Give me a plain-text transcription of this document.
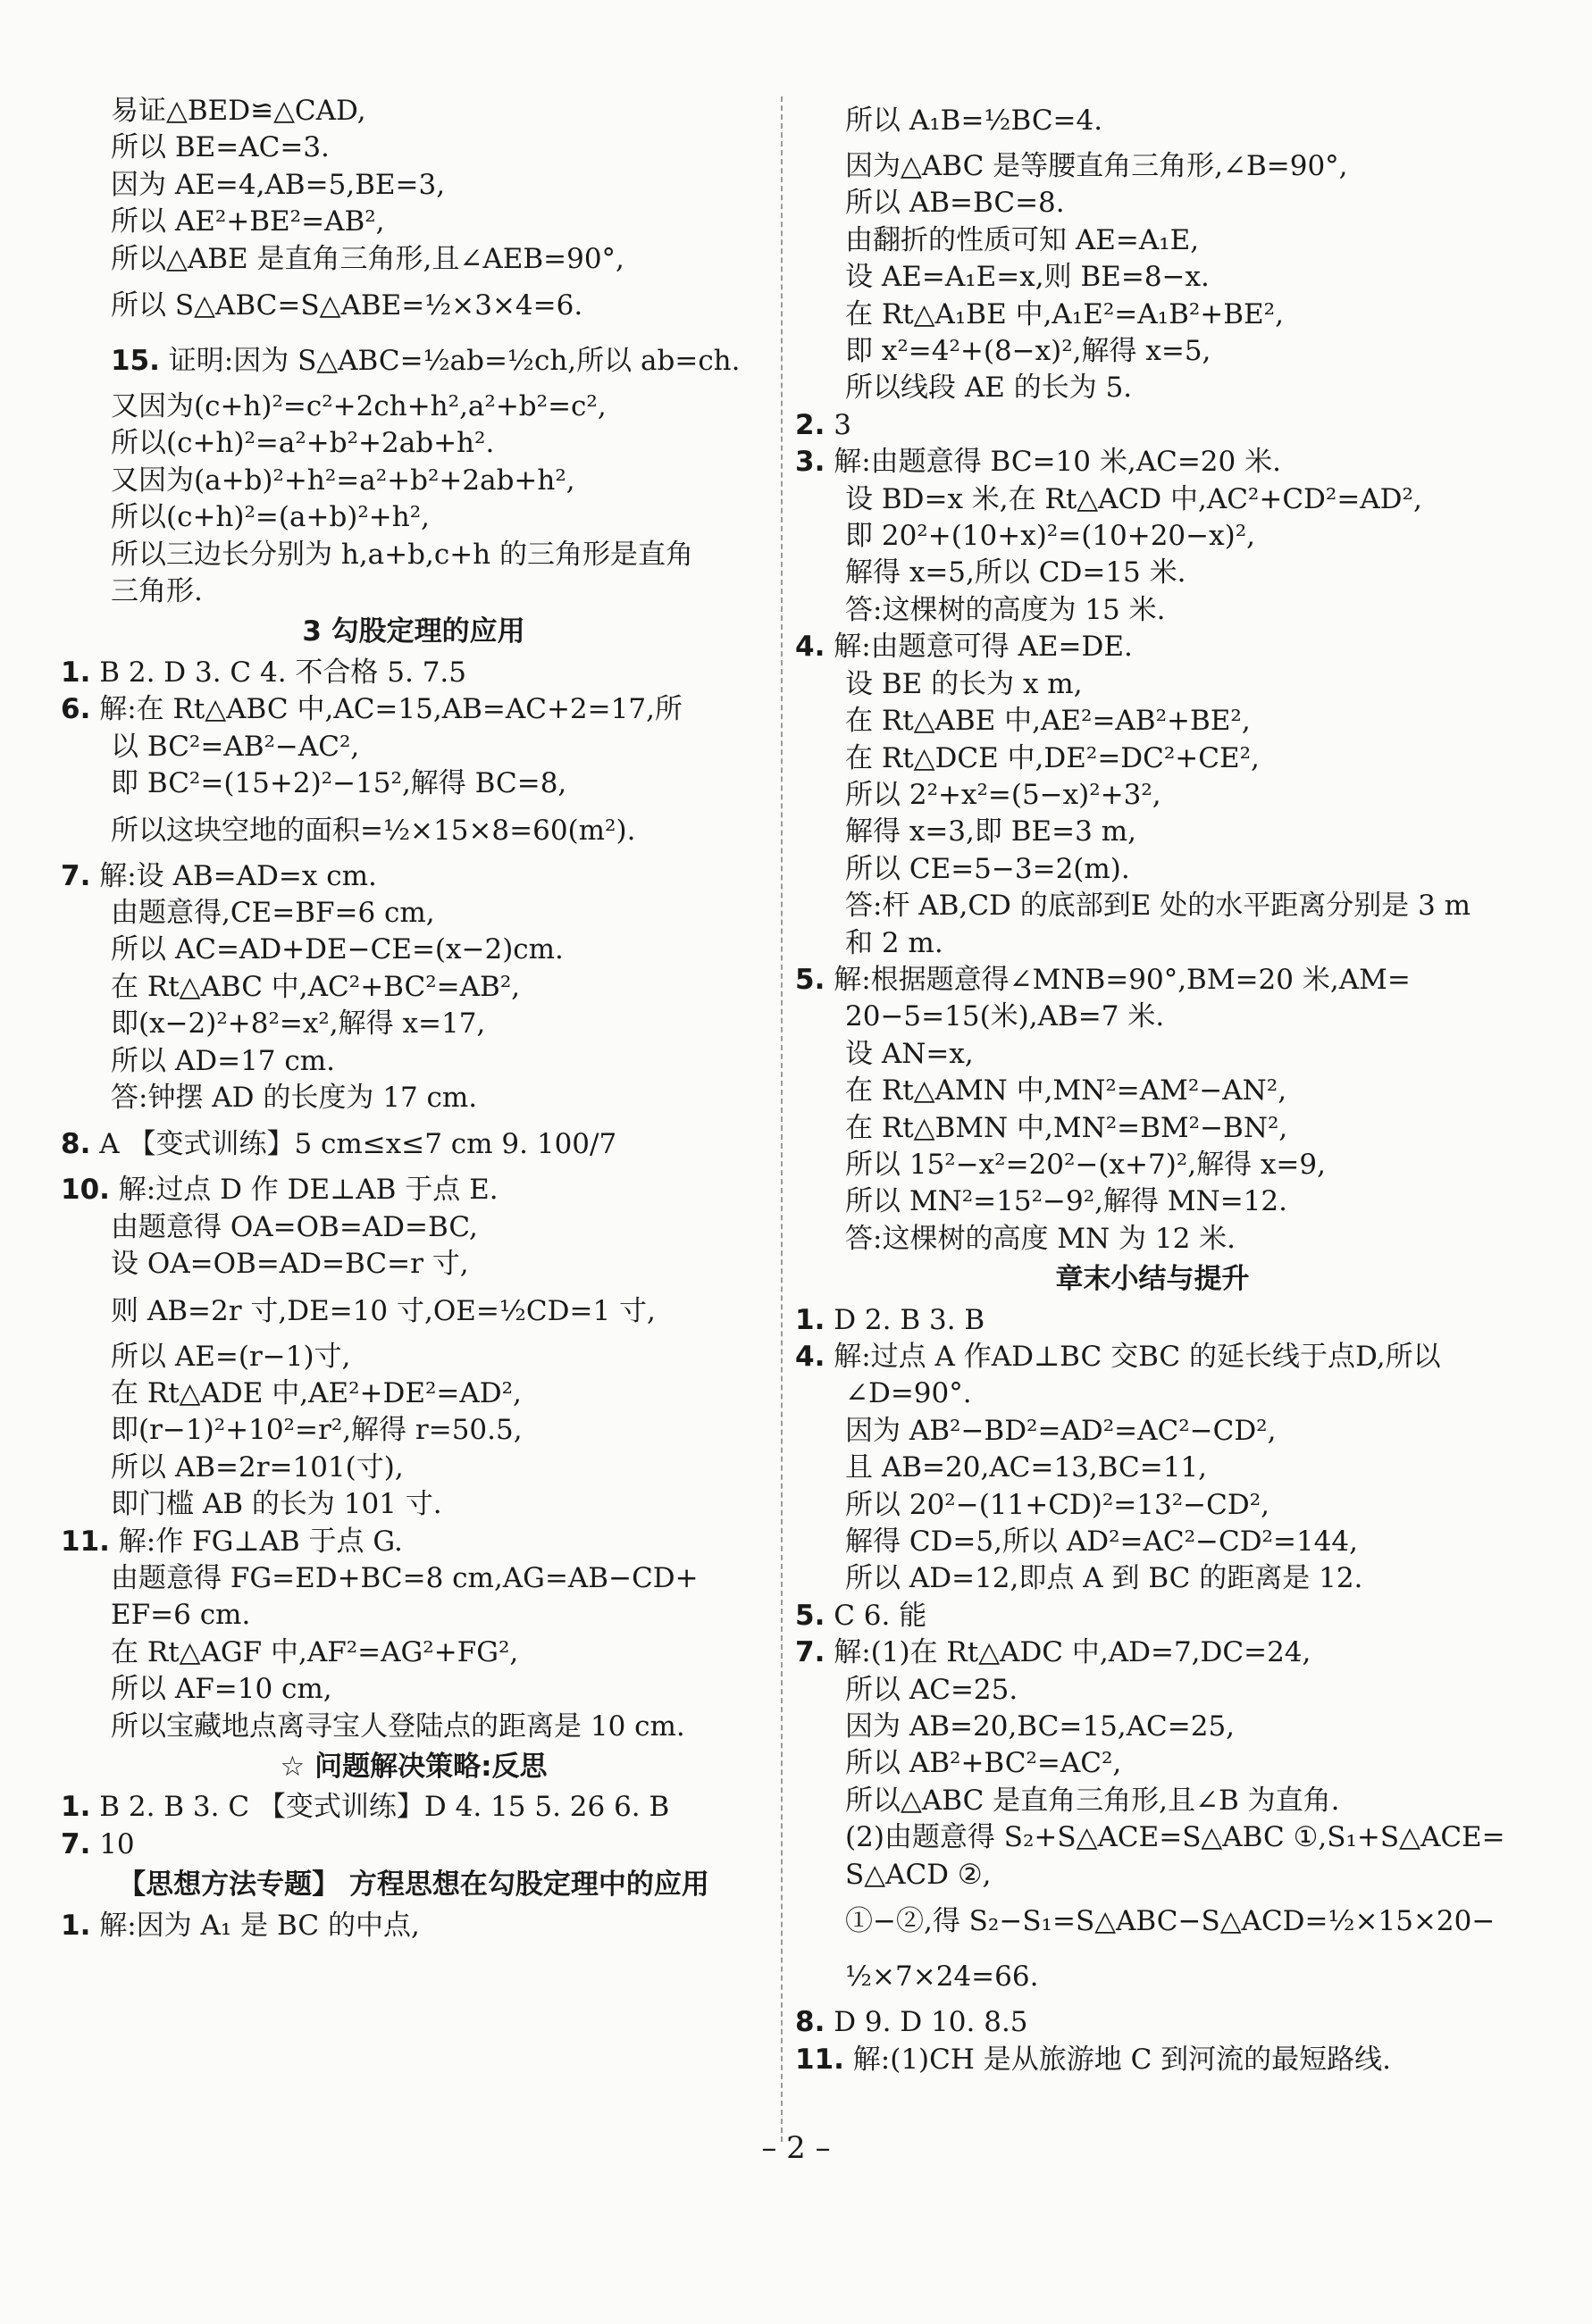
易证△BED≌△CAD,
所以 BE=AC=3.
因为 AE=4,AB=5,BE=3,
所以 AE²+BE²=AB²,
所以△ABE 是直角三角形,且∠AEB=90°,
所以 S△ABC=S△ABE=½×3×4=6.
15. 证明:因为 S△ABC=½ab=½ch,所以 ab=ch.
又因为(c+h)²=c²+2ch+h²,a²+b²=c²,
所以(c+h)²=a²+b²+2ab+h².
又因为(a+b)²+h²=a²+b²+2ab+h²,
所以(c+h)²=(a+b)²+h²,
所以三边长分别为 h,a+b,c+h 的三角形是直角
三角形.
3 勾股定理的应用
1. B 2. D 3. C 4. 不合格 5. 7.5
6. 解:在 Rt△ABC 中,AC=15,AB=AC+2=17,所
以 BC²=AB²−AC²,
即 BC²=(15+2)²−15²,解得 BC=8,
所以这块空地的面积=½×15×8=60(m²).
7. 解:设 AB=AD=x cm.
由题意得,CE=BF=6 cm,
所以 AC=AD+DE−CE=(x−2)cm.
在 Rt△ABC 中,AC²+BC²=AB²,
即(x−2)²+8²=x²,解得 x=17,
所以 AD=17 cm.
答:钟摆 AD 的长度为 17 cm.
8. A 【变式训练】5 cm≤x≤7 cm 9. 100/7
10. 解:过点 D 作 DE⊥AB 于点 E.
由题意得 OA=OB=AD=BC,
设 OA=OB=AD=BC=r 寸,
则 AB=2r 寸,DE=10 寸,OE=½CD=1 寸,
所以 AE=(r−1)寸,
在 Rt△ADE 中,AE²+DE²=AD²,
即(r−1)²+10²=r²,解得 r=50.5,
所以 AB=2r=101(寸),
即门槛 AB 的长为 101 寸.
11. 解:作 FG⊥AB 于点 G.
由题意得 FG=ED+BC=8 cm,AG=AB−CD+
EF=6 cm.
在 Rt△AGF 中,AF²=AG²+FG²,
所以 AF=10 cm,
所以宝藏地点离寻宝人登陆点的距离是 10 cm.
☆ 问题解决策略:反思
1. B 2. B 3. C 【变式训练】D 4. 15 5. 26 6. B
7. 10
【思想方法专题】 方程思想在勾股定理中的应用
1. 解:因为 A₁ 是 BC 的中点,
所以 A₁B=½BC=4.
因为△ABC 是等腰直角三角形,∠B=90°,
所以 AB=BC=8.
由翻折的性质可知 AE=A₁E,
设 AE=A₁E=x,则 BE=8−x.
在 Rt△A₁BE 中,A₁E²=A₁B²+BE²,
即 x²=4²+(8−x)²,解得 x=5,
所以线段 AE 的长为 5.
2. 3
3. 解:由题意得 BC=10 米,AC=20 米.
设 BD=x 米,在 Rt△ACD 中,AC²+CD²=AD²,
即 20²+(10+x)²=(10+20−x)²,
解得 x=5,所以 CD=15 米.
答:这棵树的高度为 15 米.
4. 解:由题意可得 AE=DE.
设 BE 的长为 x m,
在 Rt△ABE 中,AE²=AB²+BE²,
在 Rt△DCE 中,DE²=DC²+CE²,
所以 2²+x²=(5−x)²+3²,
解得 x=3,即 BE=3 m,
所以 CE=5−3=2(m).
答:杆 AB,CD 的底部到E 处的水平距离分别是 3 m
和 2 m.
5. 解:根据题意得∠MNB=90°,BM=20 米,AM=
20−5=15(米),AB=7 米.
设 AN=x,
在 Rt△AMN 中,MN²=AM²−AN²,
在 Rt△BMN 中,MN²=BM²−BN²,
所以 15²−x²=20²−(x+7)²,解得 x=9,
所以 MN²=15²−9²,解得 MN=12.
答:这棵树的高度 MN 为 12 米.
章末小结与提升
1. D 2. B 3. B
4. 解:过点 A 作AD⊥BC 交BC 的延长线于点D,所以
∠D=90°.
因为 AB²−BD²=AD²=AC²−CD²,
且 AB=20,AC=13,BC=11,
所以 20²−(11+CD)²=13²−CD²,
解得 CD=5,所以 AD²=AC²−CD²=144,
所以 AD=12,即点 A 到 BC 的距离是 12.
5. C 6. 能
7. 解:(1)在 Rt△ADC 中,AD=7,DC=24,
所以 AC=25.
因为 AB=20,BC=15,AC=25,
所以 AB²+BC²=AC²,
所以△ABC 是直角三角形,且∠B 为直角.
(2)由题意得 S₂+S△ACE=S△ABC ①,S₁+S△ACE=
S△ACD ②,
①−②,得 S₂−S₁=S△ABC−S△ACD=½×15×20−
½×7×24=66.
8. D 9. D 10. 8.5
11. 解:(1)CH 是从旅游地 C 到河流的最短路线.
– 2 –
